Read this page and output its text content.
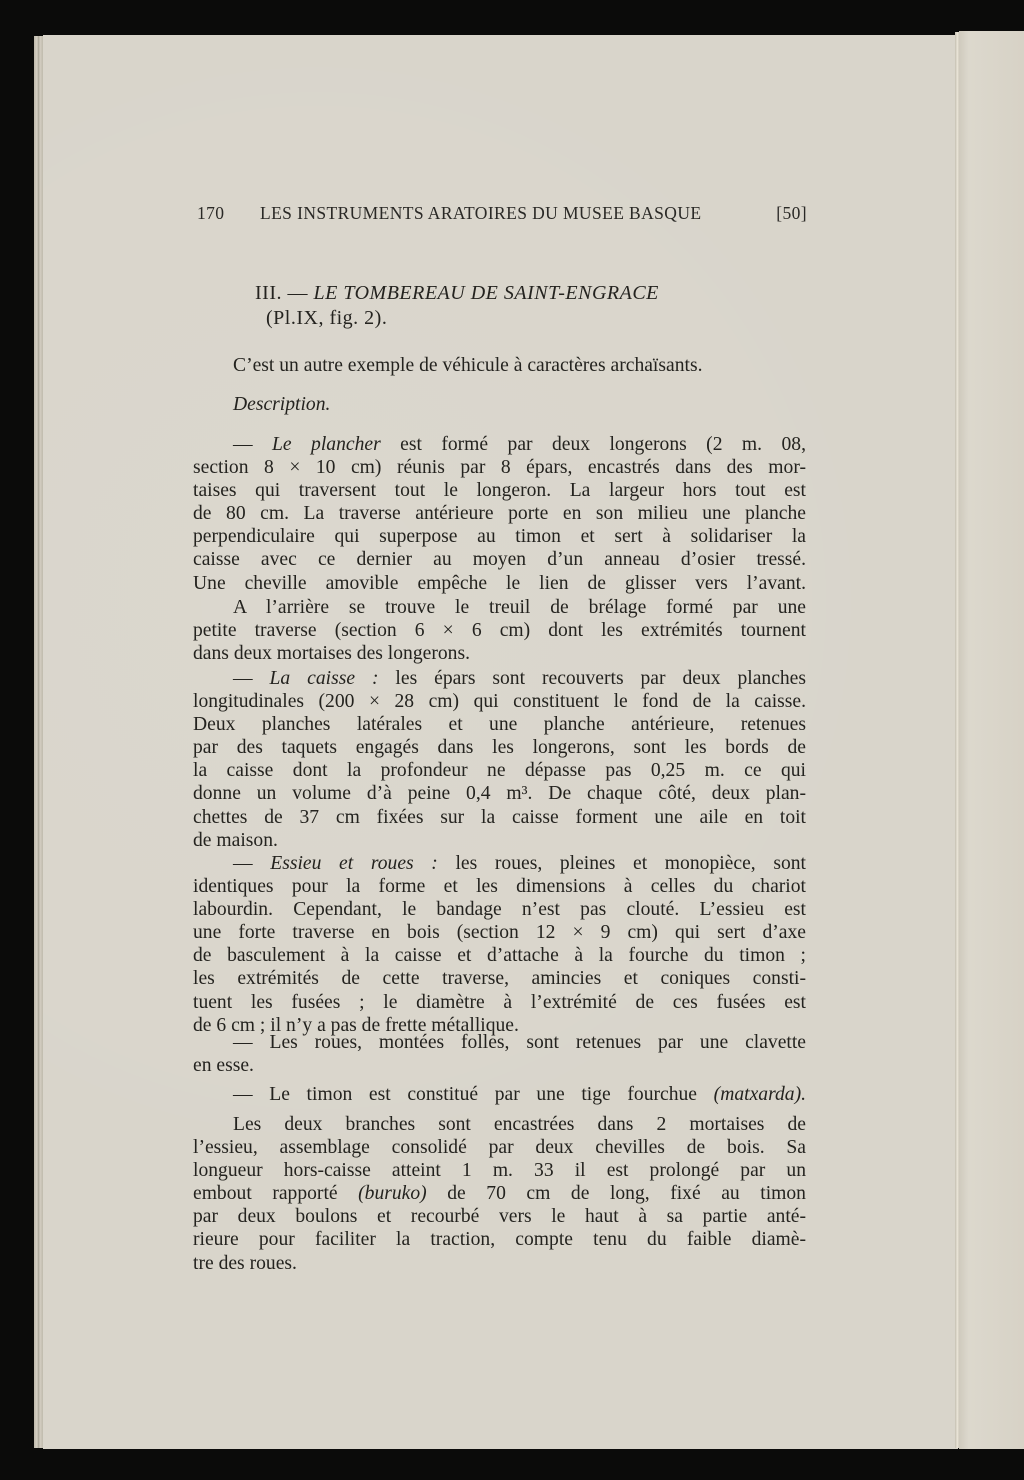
170 LES INSTRUMENTS ARATOIRES DU MUSEE BASQUE	[50]
III. — LE TOMBEREAU DE SAINT-ENGRACE
(Pl.IX, fig. 2).
C’est un autre exemple de véhicule à caractères archaïsants.
Description.
— Le plancher est formé par deux longerons (2 m. 08,
section 8 × 10 cm) réunis par 8 épars, encastrés dans des mor-
taises qui traversent tout le longeron. La largeur hors tout est
de 80 cm. La traverse antérieure porte en son milieu une planche
perpendiculaire qui superpose au timon et sert à solidariser la
caisse avec ce dernier au moyen d’un anneau d’osier tressé.
Une cheville amovible empêche le lien de glisser vers l’avant.
A l’arrière se trouve le treuil de brélage formé par une
petite traverse (section 6 × 6 cm) dont les extrémités tournent
dans deux mortaises des longerons.
— La caisse : les épars sont recouverts par deux planches
longitudinales (200 × 28 cm) qui constituent le fond de la caisse.
Deux planches latérales et une planche antérieure, retenues
par des taquets engagés dans les longerons, sont les bords de
la caisse dont la profondeur ne dépasse pas 0,25 m. ce qui
donne un volume d’à peine 0,4 m³. De chaque côté, deux plan-
chettes de 37 cm fixées sur la caisse forment une aile en toit
de maison.
— Essieu et roues : les roues, pleines et monopièce, sont
identiques pour la forme et les dimensions à celles du chariot
labourdin. Cependant, le bandage n’est pas clouté. L’essieu est
une forte traverse en bois (section 12 × 9 cm) qui sert d’axe
de basculement à la caisse et d’attache à la fourche du timon ;
les extrémités de cette traverse, amincies et coniques consti-
tuent les fusées ; le diamètre à l’extrémité de ces fusées est
de 6 cm ; il n’y a pas de frette métallique.
— Les roues, montées folles, sont retenues par une clavette
en esse.
— Le timon est constitué par une tige fourchue (matxarda).
Les deux branches sont encastrées dans 2 mortaises de
l’essieu, assemblage consolidé par deux chevilles de bois. Sa
longueur hors-caisse atteint 1 m. 33 il est prolongé par un
embout rapporté (buruko) de 70 cm de long, fixé au timon
par deux boulons et recourbé vers le haut à sa partie anté-
rieure pour faciliter la traction, compte tenu du faible diamè-
tre des roues.
